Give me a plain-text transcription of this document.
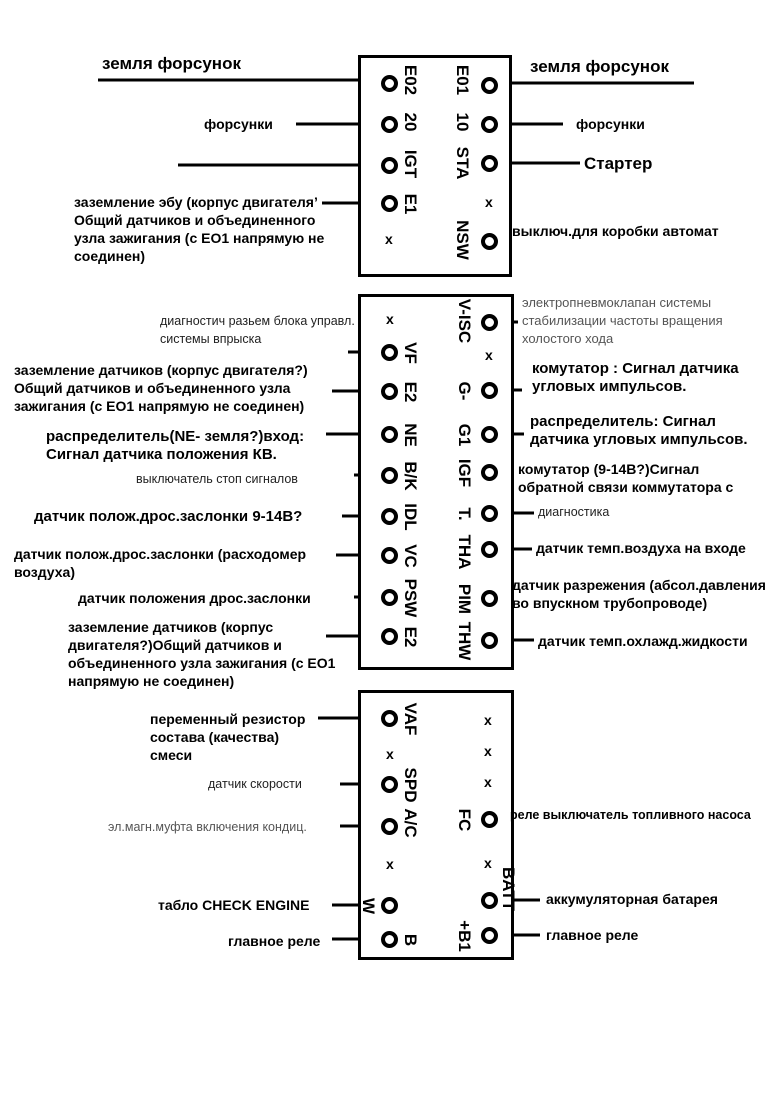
E02
20
IGT
E1
x
E01
10
STA
x
NSW
земля форсунок	земля форсунок
форсунки	форсунки
Стартер
заземление эбу (корпус двигателя’ Общий датчиков и объединенного узла зажигания (с ЕО1 напрямую не соединен)
выключ.для коробки автомат
x
x
VF
E2
NE
B/K
IDL
VC
PSW
E2
V-ISC
G-
G1
IGF
T.
THA
PIM
THW
диагностич разьем блока управл. системы впрыска
заземление датчиков (корпус двигателя?) Общий датчиков и объединенного узла зажигания (с ЕО1 напрямую не соединен)
распределитель(NE- земля?)вход: Сигнал датчика положения КВ.
выключатель стоп сигналов
датчик полож.дрос.заслонки 9-14В?
датчик полож.дрос.заслонки (расходомер воздуха)
датчик положения дрос.заслонки
заземление датчиков (корпус двигателя?)Общий датчиков и объединенного узла зажигания (с ЕО1 напрямую не соединен)
электропневмоклапан системы стабилизации частоты вращения холостого хода
комутатор : Сигнал датчика угловых импульсов.
распределитель: Сигнал датчика угловых импульсов.
комутатор (9-14В?)Сигнал обратной связи коммутатора с
диагностика
датчик темп.воздуха на входе
датчик разрежения (абсол.давления во впускном трубопроводе)
датчик темп.охлажд.жидкости
x
x
x
x
x
x
VAF
SPD
A/C
W
B
FC
BATT
+B1
переменный резистор состава (качества) смеси
датчик скорости
эл.магн.муфта включения кондиц.
реле выключатель топливного насоса
табло CHECK ENGINE	аккумуляторная батарея
главное реле	главное реле
